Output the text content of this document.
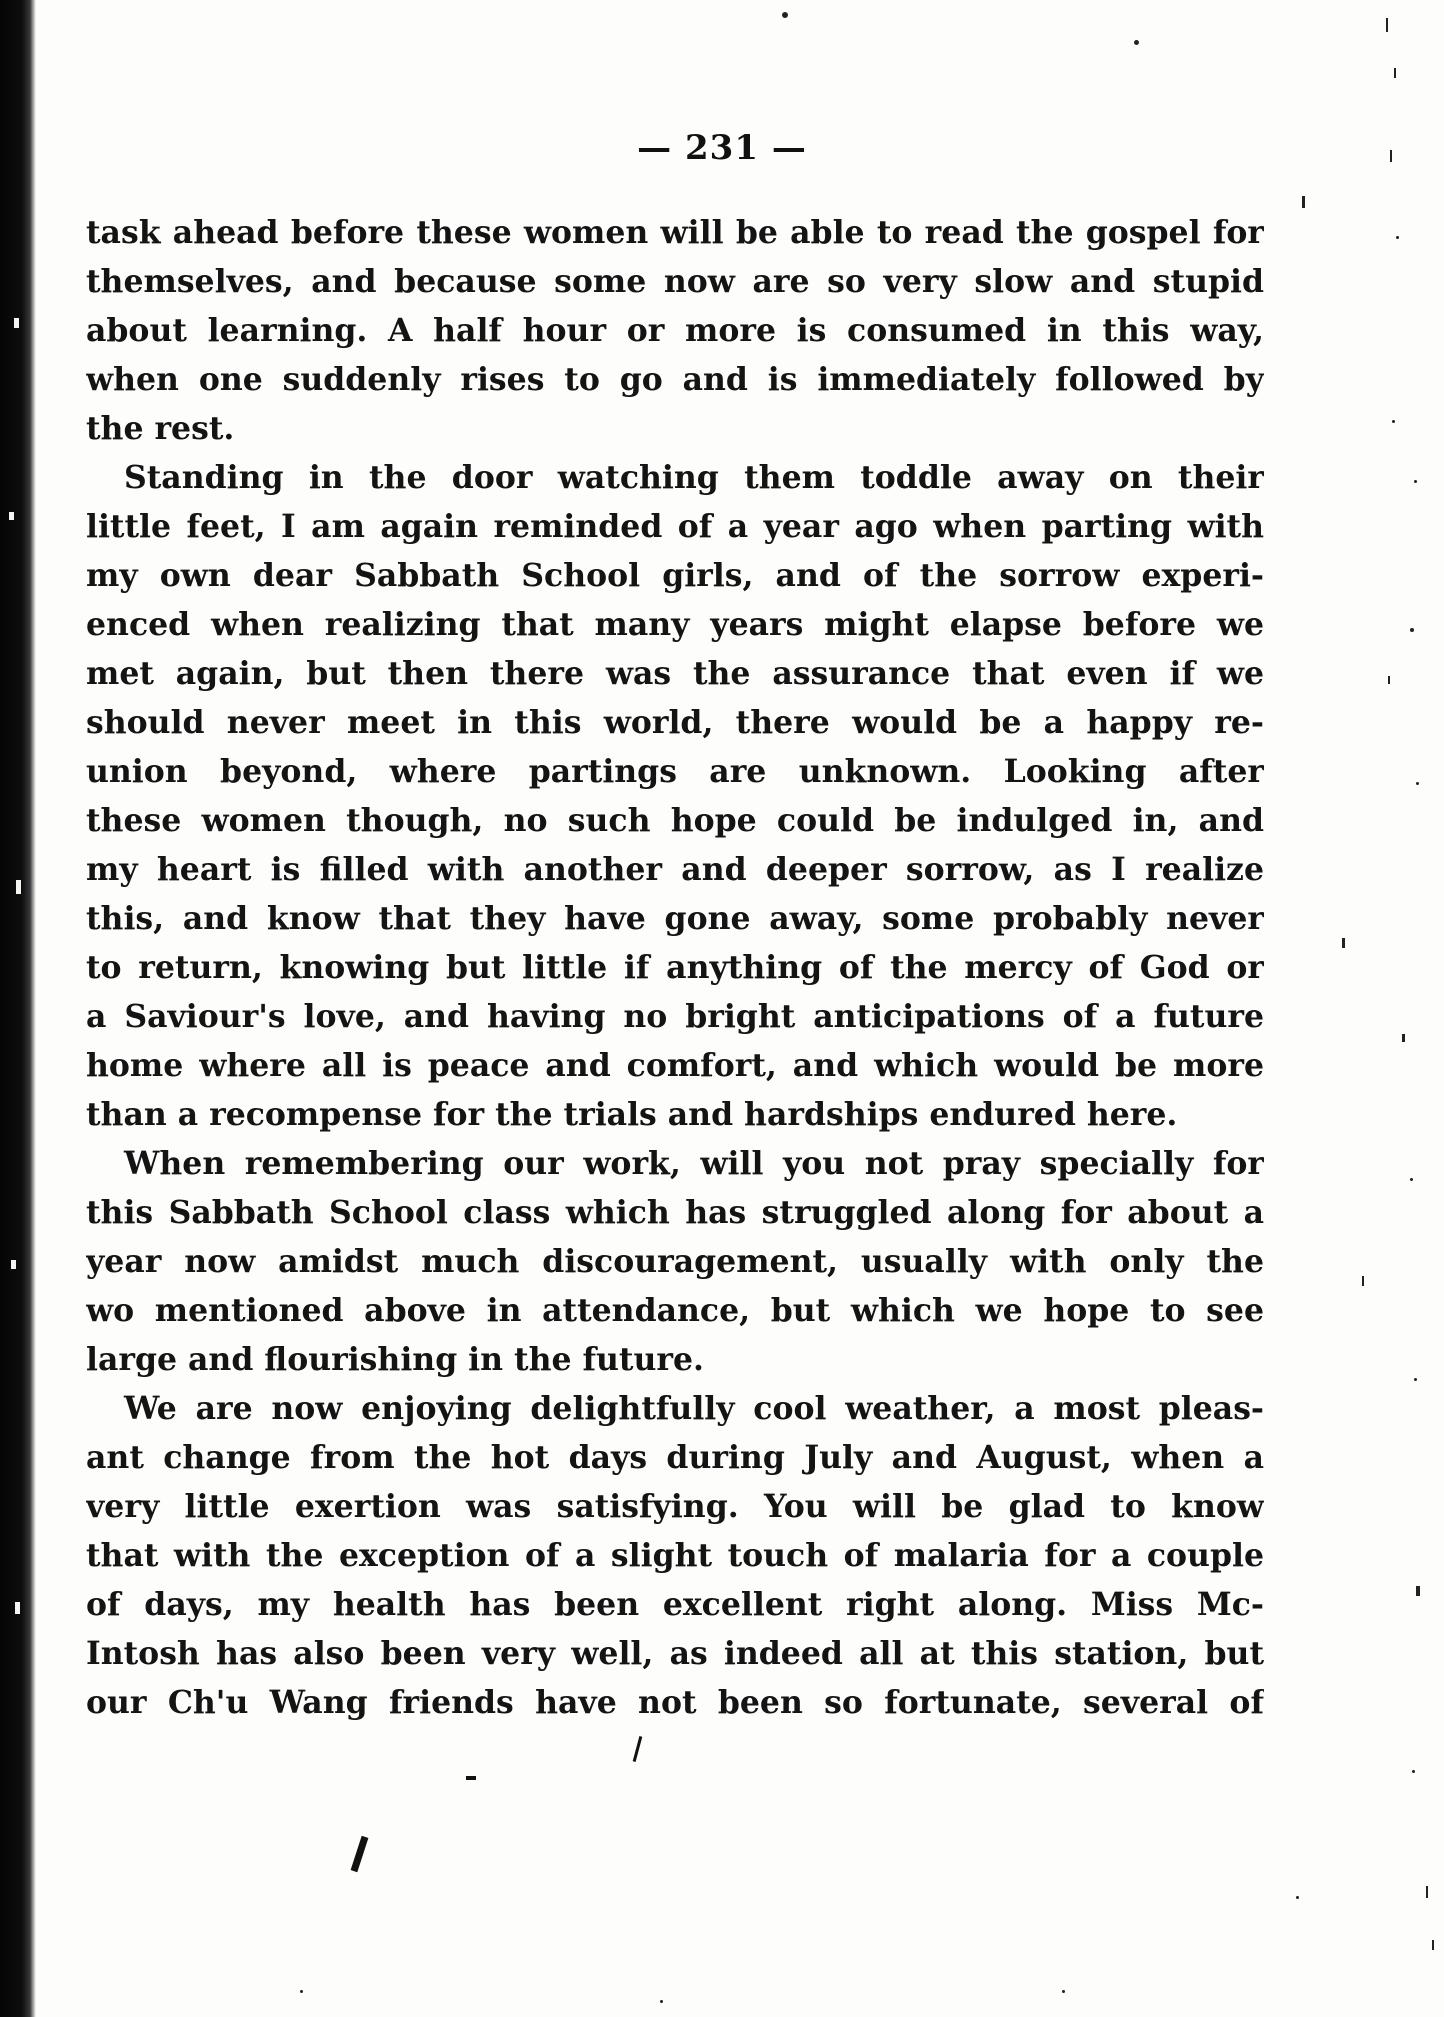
— 231 —
task ahead before these women will be able to read the gospel for
themselves, and because some now are so very slow and stupid
about learning. A half hour or more is consumed in this way,
when one suddenly rises to go and is immediately followed by
the rest.
Standing in the door watching them toddle away on their
little feet, I am again reminded of a year ago when parting with
my own dear Sabbath School girls, and of the sorrow experi-
enced when realizing that many years might elapse before we
met again, but then there was the assurance that even if we
should never meet in this world, there would be a happy re-
union beyond, where partings are unknown. Looking after
these women though, no such hope could be indulged in, and
my heart is filled with another and deeper sorrow, as I realize
this, and know that they have gone away, some probably never
to return, knowing but little if anything of the mercy of God or
a Saviour's love, and having no bright anticipations of a future
home where all is peace and comfort, and which would be more
than a recompense for the trials and hardships endured here.
When remembering our work, will you not pray specially for
this Sabbath School class which has struggled along for about a
year now amidst much discouragement, usually with only the
wo mentioned above in attendance, but which we hope to see
large and flourishing in the future.
We are now enjoying delightfully cool weather, a most pleas-
ant change from the hot days during July and August, when a
very little exertion was satisfying. You will be glad to know
that with the exception of a slight touch of malaria for a couple
of days, my health has been excellent right along. Miss Mc-
Intosh has also been very well, as indeed all at this station, but
our Ch'u Wang friends have not been so fortunate, several of
